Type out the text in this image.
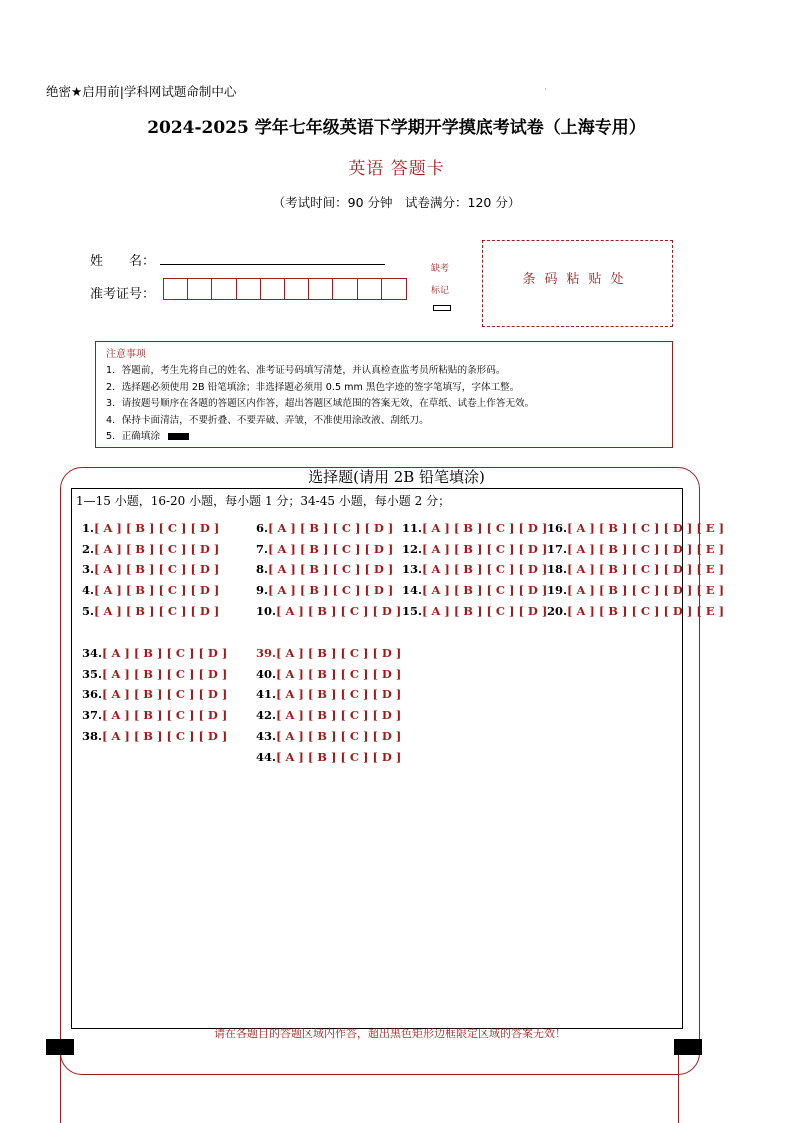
绝密★启用前|学科网试题命制中心
2024-2025 学年七年级英语下学期开学摸底考试卷（上海专用）
英语 答题卡
（考试时间：90 分钟　试卷满分：120 分）
姓　　名：
准考证号：
缺考
标记
条码粘贴处
注意事项
1．答题前，考生先将自己的姓名、准考证号码填写清楚，并认真检查监考员所粘贴的条形码。
2．选择题必须使用 2B 铅笔填涂；非选择题必须用 0.5 mm 黑色字迹的签字笔填写，字体工整。
3．请按题号顺序在各题的答题区内作答，超出答题区域范围的答案无效，在草纸、试卷上作答无效。
4．保持卡面清洁，不要折叠、不要弄破、弄皱，不准使用涂改液、刮纸刀。
5．正确填涂
选择题(请用 2B 铅笔填涂)
1—15 小题，16-20 小题，每小题 1 分；34-45 小题，每小题 2 分；
1.[ A ] [ B ] [ C ] [ D ]
2.[ A ] [ B ] [ C ] [ D ]
3.[ A ] [ B ] [ C ] [ D ]
4.[ A ] [ B ] [ C ] [ D ]
5.[ A ] [ B ] [ C ] [ D ]
6.[ A ] [ B ] [ C ] [ D ]
7.[ A ] [ B ] [ C ] [ D ]
8.[ A ] [ B ] [ C ] [ D ]
9.[ A ] [ B ] [ C ] [ D ]
10.[ A ] [ B ] [ C ] [ D ]
11.[ A ] [ B ] [ C ] [ D ]
12.[ A ] [ B ] [ C ] [ D ]
13.[ A ] [ B ] [ C ] [ D ]
14.[ A ] [ B ] [ C ] [ D ]
15.[ A ] [ B ] [ C ] [ D ]
16.[ A ] [ B ] [ C ] [ D ] [ E ]
17.[ A ] [ B ] [ C ] [ D ] [ E ]
18.[ A ] [ B ] [ C ] [ D ] [ E ]
19.[ A ] [ B ] [ C ] [ D ] [ E ]
20.[ A ] [ B ] [ C ] [ D ] [ E ]
34.[ A ] [ B ] [ C ] [ D ]
35.[ A ] [ B ] [ C ] [ D ]
36.[ A ] [ B ] [ C ] [ D ]
37.[ A ] [ B ] [ C ] [ D ]
38.[ A ] [ B ] [ C ] [ D ]
39.[ A ] [ B ] [ C ] [ D ]
40.[ A ] [ B ] [ C ] [ D ]
41.[ A ] [ B ] [ C ] [ D ]
42.[ A ] [ B ] [ C ] [ D ]
43.[ A ] [ B ] [ C ] [ D ]
44.[ A ] [ B ] [ C ] [ D ]
请在各题目的答题区域内作答，超出黑色矩形边框限定区域的答案无效！
